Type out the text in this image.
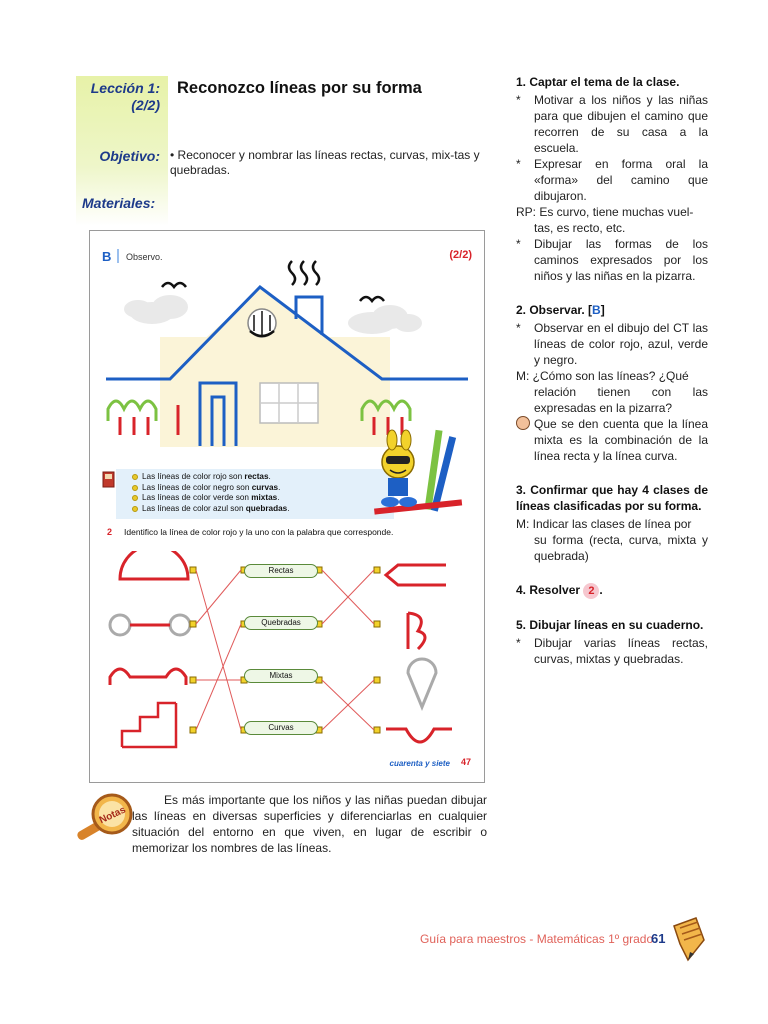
Lección 1:
(2/2)
Reconozco líneas por su forma
Objetivo: • Reconocer y nombrar las líneas rectas, curvas, mix-tas y quebradas.
Materiales:
B Observo.	(2/2)
Las líneas de color rojo son rectas.
Las líneas de color negro son curvas.
Las líneas de color verde son mixtas.
Las líneas de color azul son quebradas.
2 Identifico la línea de color rojo y la uno con la palabra que corresponde.
Rectas
Quebradas
Mixtas
Curvas
cuarenta y siete 47
Notas
Es más importante que los niños y las niñas puedan dibujar las líneas en diversas superficies y diferenciarlas en cualquier situación del entorno en que viven, en lugar de escribir o memorizar los nombres de las líneas.
1. Captar el tema de la clase.
*	Motivar a los niños y las niñas para que dibujen el camino que recorren de su casa a la escuela.
*	Expresar en forma oral la «forma» del camino que dibujaron.
RP: Es curvo, tiene muchas vuel-
tas, es recto, etc.
*	Dibujar las formas de los caminos expresados por los niños y las niñas en la pizarra.
2. Observar. [B]
*	Observar en el dibujo del CT las líneas de color rojo, azul, verde y negro.
M: ¿Cómo son las líneas? ¿Qué
relación tienen con las expresadas en la pizarra?
Que se den cuenta que la línea mixta es la combinación de la línea recta y la línea curva.
3. Confirmar que hay 4 clases de líneas clasificadas por su forma.
M: Indicar las clases de línea por
su forma (recta, curva, mixta y quebrada)
4. Resolver 2 .
5. Dibujar líneas en su cuaderno.
*	Dibujar varias líneas rectas, curvas, mixtas y quebradas.
Guía para maestros - Matemáticas 1º grado
61
